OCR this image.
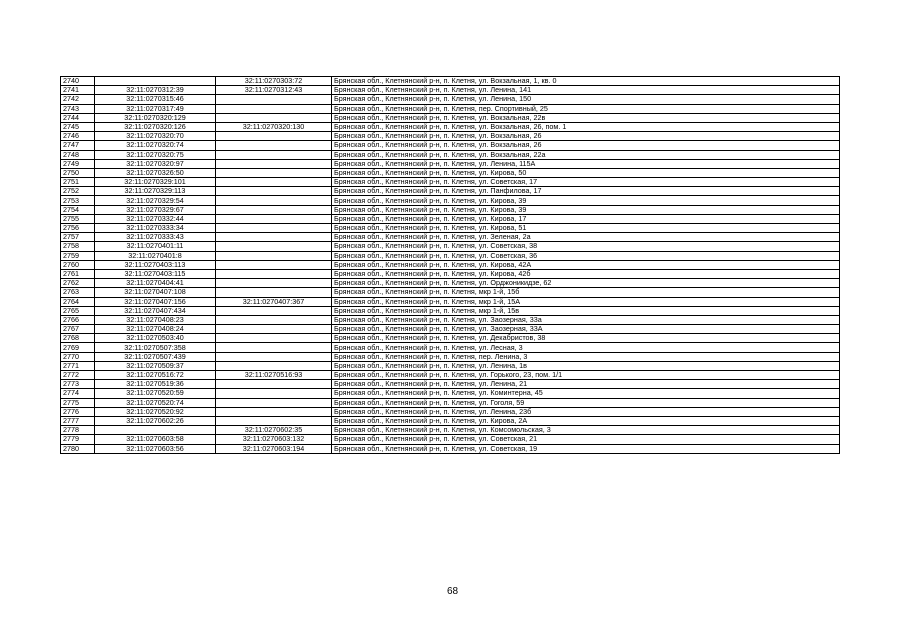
2740		32:11:0270303:72	Брянская обл., Клетнянский р-н, п. Клетня, ул. Вокзальная, 1, кв. 0
2741	32:11:0270312:39	32:11:0270312:43	Брянская обл., Клетнянский р-н, п. Клетня, ул. Ленина, 141
2742	32:11:0270315:46		Брянская обл., Клетнянский р-н, п. Клетня, ул. Ленина, 150
2743	32:11:0270317:49		Брянская обл., Клетнянский р-н, п. Клетня, пер. Спортивный, 25
2744	32:11:0270320:129		Брянская обл., Клетнянский р-н, п. Клетня, ул. Вокзальная, 22в
2745	32:11:0270320:126	32:11:0270320:130	Брянская обл., Клетнянский р-н, п. Клетня, ул. Вокзальная, 26, пом. 1
2746	32:11:0270320:70		Брянская обл., Клетнянский р-н, п. Клетня, ул. Вокзальная, 26
2747	32:11:0270320:74		Брянская обл., Клетнянский р-н, п. Клетня, ул. Вокзальная, 26
2748	32:11:0270320:75		Брянская обл., Клетнянский р-н, п. Клетня, ул. Вокзальная, 22а
2749	32:11:0270320:97		Брянская обл., Клетнянский р-н, п. Клетня, ул. Ленина, 115А
2750	32:11:0270326:50		Брянская обл., Клетнянский р-н, п. Клетня, ул. Кирова, 50
2751	32:11:0270329:101		Брянская обл., Клетнянский р-н, п. Клетня, ул. Советская, 17
2752	32:11:0270329:113		Брянская обл., Клетнянский р-н, п. Клетня, ул. Панфилова, 17
2753	32:11:0270329:54		Брянская обл., Клетнянский р-н, п. Клетня, ул. Кирова, 39
2754	32:11:0270329:67		Брянская обл., Клетнянский р-н, п. Клетня, ул. Кирова, 39
2755	32:11:0270332:44		Брянская обл., Клетнянский р-н, п. Клетня, ул. Кирова, 17
2756	32:11:0270333:34		Брянская обл., Клетнянский р-н, п. Клетня, ул. Кирова, 51
2757	32:11:0270333:43		Брянская обл., Клетнянский р-н, п. Клетня, ул. Зеленая, 2а
2758	32:11:0270401:11		Брянская обл., Клетнянский р-н, п. Клетня, ул. Советская, 38
2759	32:11:0270401:8		Брянская обл., Клетнянский р-н, п. Клетня, ул. Советская, 36
2760	32:11:0270403:113		Брянская обл., Клетнянский р-н, п. Клетня, ул. Кирова, 42А
2761	32:11:0270403:115		Брянская обл., Клетнянский р-н, п. Клетня, ул. Кирова, 42б
2762	32:11:0270404:41		Брянская обл., Клетнянский р-н, п. Клетня, ул. Орджоникидзе, 62
2763	32:11:0270407:108		Брянская обл., Клетнянский р-н, п. Клетня, мкр 1-й, 15б
2764	32:11:0270407:156	32:11:0270407:367	Брянская обл., Клетнянский р-н, п. Клетня, мкр 1-й, 15А
2765	32:11:0270407:434		Брянская обл., Клетнянский р-н, п. Клетня, мкр 1-й, 15в
2766	32:11:0270408:23		Брянская обл., Клетнянский р-н, п. Клетня, ул. Заозерная, 33а
2767	32:11:0270408:24		Брянская обл., Клетнянский р-н, п. Клетня, ул. Заозерная, 33А
2768	32:11:0270503:40		Брянская обл., Клетнянский р-н, п. Клетня, ул. Декабристов, 38
2769	32:11:0270507:358		Брянская обл., Клетнянский р-н, п. Клетня, ул. Лесная, 3
2770	32:11:0270507:439		Брянская обл., Клетнянский р-н, п. Клетня, пер. Ленина, 3
2771	32:11:0270509:37		Брянская обл., Клетнянский р-н, п. Клетня, ул. Ленина, 1в
2772	32:11:0270516:72	32:11:0270516:93	Брянская обл., Клетнянский р-н, п. Клетня, ул. Горького, 23, пом. 1/1
2773	32:11:0270519:36		Брянская обл., Клетнянский р-н, п. Клетня, ул. Ленина, 21
2774	32:11:0270520:59		Брянская обл., Клетнянский р-н, п. Клетня, ул. Коминтерна, 45
2775	32:11:0270520:74		Брянская обл., Клетнянский р-н, п. Клетня, ул. Гоголя, 59
2776	32:11:0270520:92		Брянская обл., Клетнянский р-н, п. Клетня, ул. Ленина, 23б
2777	32:11:0270602:26		Брянская обл., Клетнянский р-н, п. Клетня, ул. Кирова, 2А
2778		32:11:0270602:35	Брянская обл., Клетнянский р-н, п. Клетня, ул. Комсомольская, 3
2779	32:11:0270603:58	32:11:0270603:132	Брянская обл., Клетнянский р-н, п. Клетня, ул. Советская, 21
2780	32:11:0270603:56	32:11:0270603:194	Брянская обл., Клетнянский р-н, п. Клетня, ул. Советская, 19
68
